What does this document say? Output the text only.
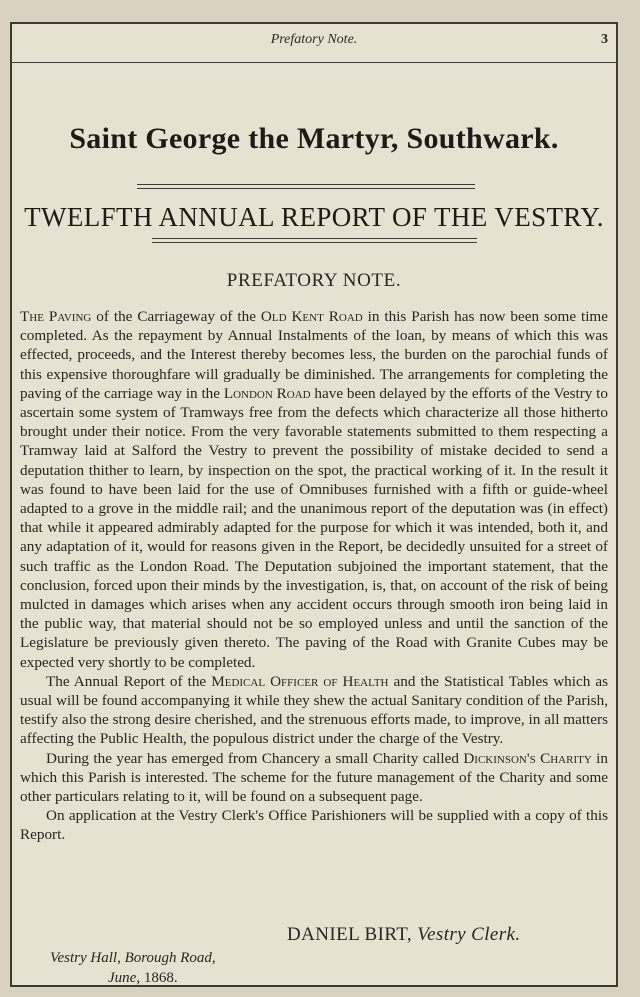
Prefatory Note.	3
Saint George the Martyr, Southwark.
TWELFTH ANNUAL REPORT OF THE VESTRY.
PREFATORY NOTE.

The Paving of the Carriageway of the Old Kent Road in this Parish has now been some time completed. As the repayment by Annual Instalments of the loan, by means of which this was effected, proceeds, and the Interest thereby becomes less, the burden on the parochial funds of this expensive thoroughfare will gradually be diminished. The arrangements for completing the paving of the carriage way in the London Road have been delayed by the efforts of the Vestry to ascertain some system of Tramways free from the defects which characterize all those hitherto brought under their notice. From the very favorable statements submitted to them respecting a Tramway laid at Salford the Vestry to prevent the possibility of mistake decided to send a deputation thither to learn, by inspection on the spot, the practical working of it. In the result it was found to have been laid for the use of Omnibuses furnished with a fifth or guide-wheel adapted to a grove in the middle rail; and the unanimous report of the deputation was (in effect) that while it appeared admirably adapted for the purpose for which it was intended, both it, and any adaptation of it, would for reasons given in the Report, be decidedly unsuited for a street of such traffic as the London Road. The Deputation subjoined the important statement, that the conclusion, forced upon their minds by the investigation, is, that, on account of the risk of being mulcted in damages which arises when any accident occurs through smooth iron being laid in the public way, that material should not be so employed unless and until the sanction of the Legislature be previously given thereto. The paving of the Road with Granite Cubes may be expected very shortly to be completed.

The Annual Report of the Medical Officer of Health and the Statistical Tables which as usual will be found accompanying it while they shew the actual Sanitary condition of the Parish, testify also the strong desire cherished, and the strenuous efforts made, to improve, in all matters affecting the Public Health, the populous district under the charge of the Vestry.

During the year has emerged from Chancery a small Charity called Dickinson's Charity in which this Parish is interested. The scheme for the future management of the Charity and some other particulars relating to it, will be found on a subsequent page.

On application at the Vestry Clerk's Office Parishioners will be supplied with a copy of this Report.

DANIEL BIRT, Vestry Clerk.
Vestry Hall, Borough Road,
June, 1868.
